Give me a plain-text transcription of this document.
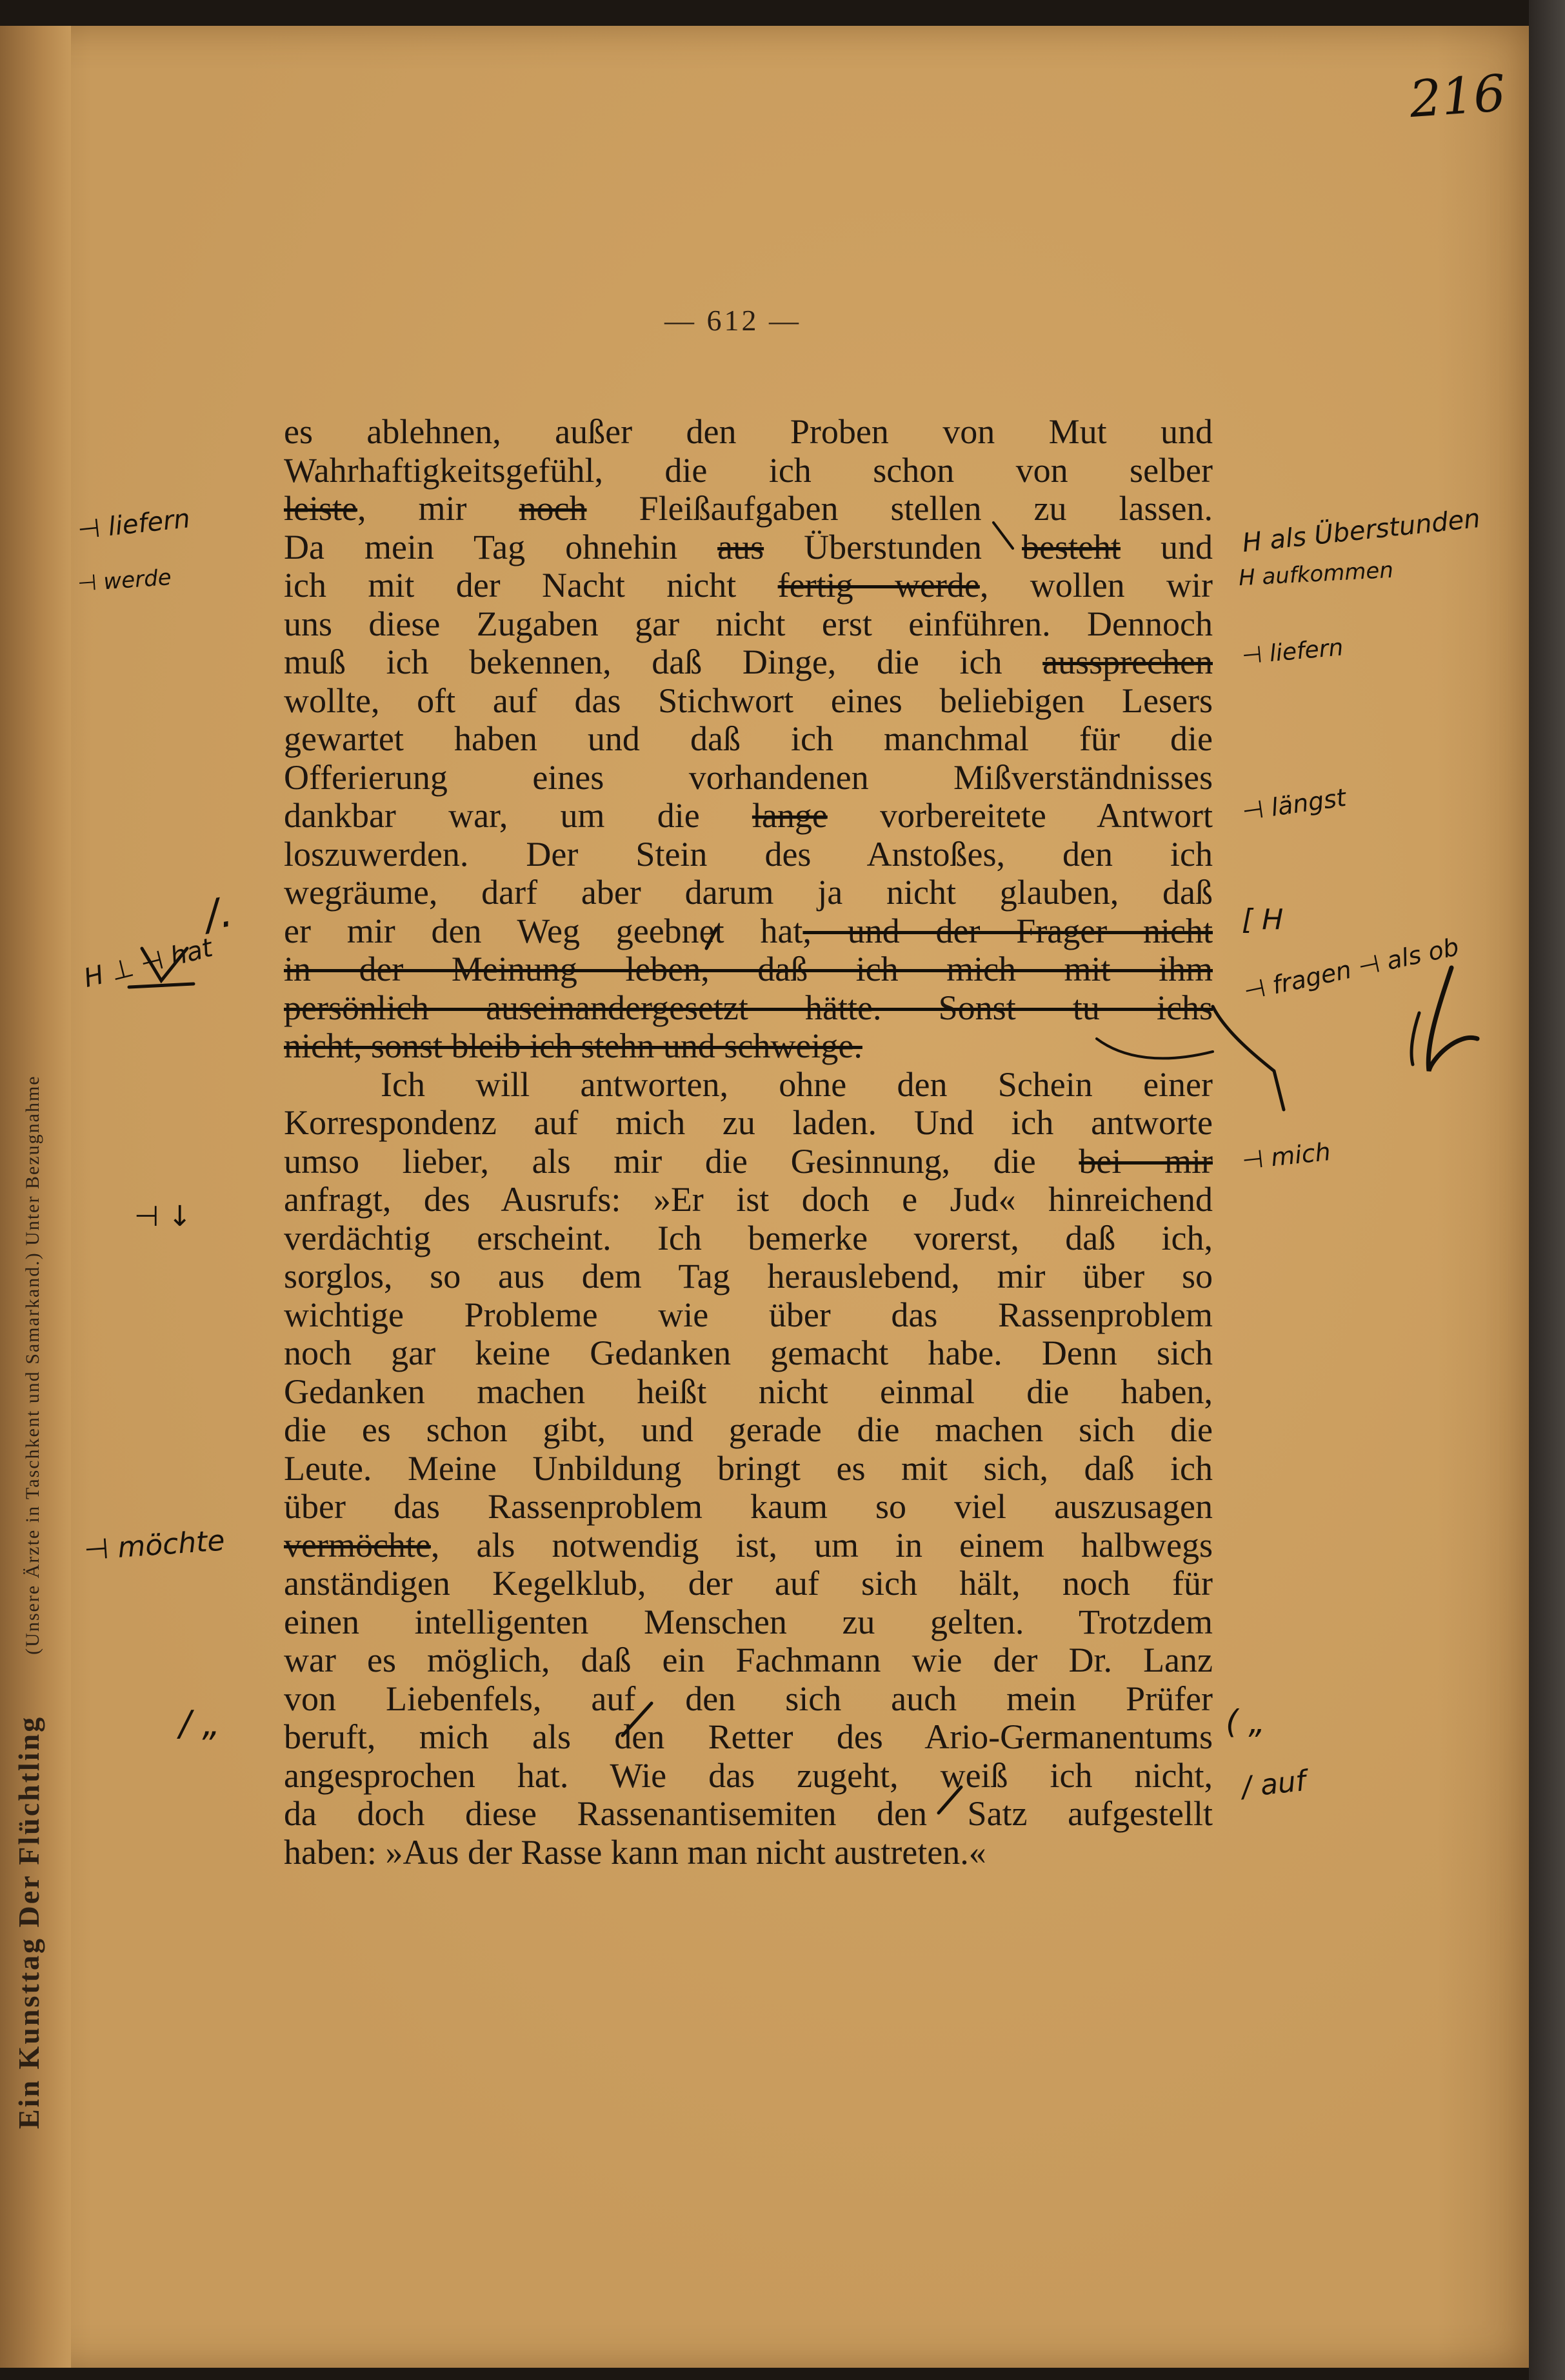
Ein Kunsttag Der Flüchtling (Unsere Ärzte in Taschkent und Samarkand.) Unter Bezugnahme
216
— 612 —
es ablehnen, außer den Proben von Mut und
Wahrhaftigkeitsgefühl, die ich schon von selber
leiste, mir noch Fleißaufgaben stellen zu lassen.
Da mein Tag ohnehin aus Überstunden besteht und
ich mit der Nacht nicht fertig werde, wollen wir
uns diese Zugaben gar nicht erst einführen. Dennoch
muß ich bekennen, daß Dinge, die ich aussprechen
wollte, oft auf das Stichwort eines beliebigen Lesers
gewartet haben und daß ich manchmal für die
Offerierung eines vorhandenen Mißverständnisses
dankbar war, um die lange vorbereitete Antwort
loszuwerden. Der Stein des Anstoßes, den ich
wegräume, darf aber darum ja nicht glauben, daß
er mir den Weg geebnet hat, und der Frager nicht
in der Meinung leben, daß ich mich mit ihm
persönlich auseinandergesetzt hätte. Sonst tu ichs
nicht, sonst bleib ich stehn und schweige.
Ich will antworten, ohne den Schein einer
Korrespondenz auf mich zu laden. Und ich antworte
umso lieber, als mir die Gesinnung, die bei mir
anfragt, des Ausrufs: »Er ist doch e Jud« hinreichend
verdächtig erscheint. Ich bemerke vorerst, daß ich,
sorglos, so aus dem Tag herauslebend, mir über so
wichtige Probleme wie über das Rassenproblem
noch gar keine Gedanken gemacht habe. Denn sich
Gedanken machen heißt nicht einmal die haben,
die es schon gibt, und gerade die machen sich die
Leute. Meine Unbildung bringt es mit sich, daß ich
über das Rassenproblem kaum so viel auszusagen
vermöchte, als notwendig ist, um in einem halbwegs
anständigen Kegelklub, der auf sich hält, noch für
einen intelligenten Menschen zu gelten. Trotzdem
war es möglich, daß ein Fachmann wie der Dr. Lanz
von Liebenfels, auf den sich auch mein Prüfer
beruft, mich als den Retter des Ario-Germanentums
angesprochen hat. Wie das zugeht, weiß ich nicht,
da doch diese Rassenantisemiten den Satz aufgestellt
haben: »Aus der Rasse kann man nicht austreten.«
⊣ liefern
⊣ werde
/.
H ⊥ ⊣ hat
⊣ ↓
⊣ möchte
/ „
H als Überstunden
H aufkommen
⊣ liefern
⊣ längst
[ H
⊣ fragen ⊣ als ob
⊣ mich
( „
/ auf
